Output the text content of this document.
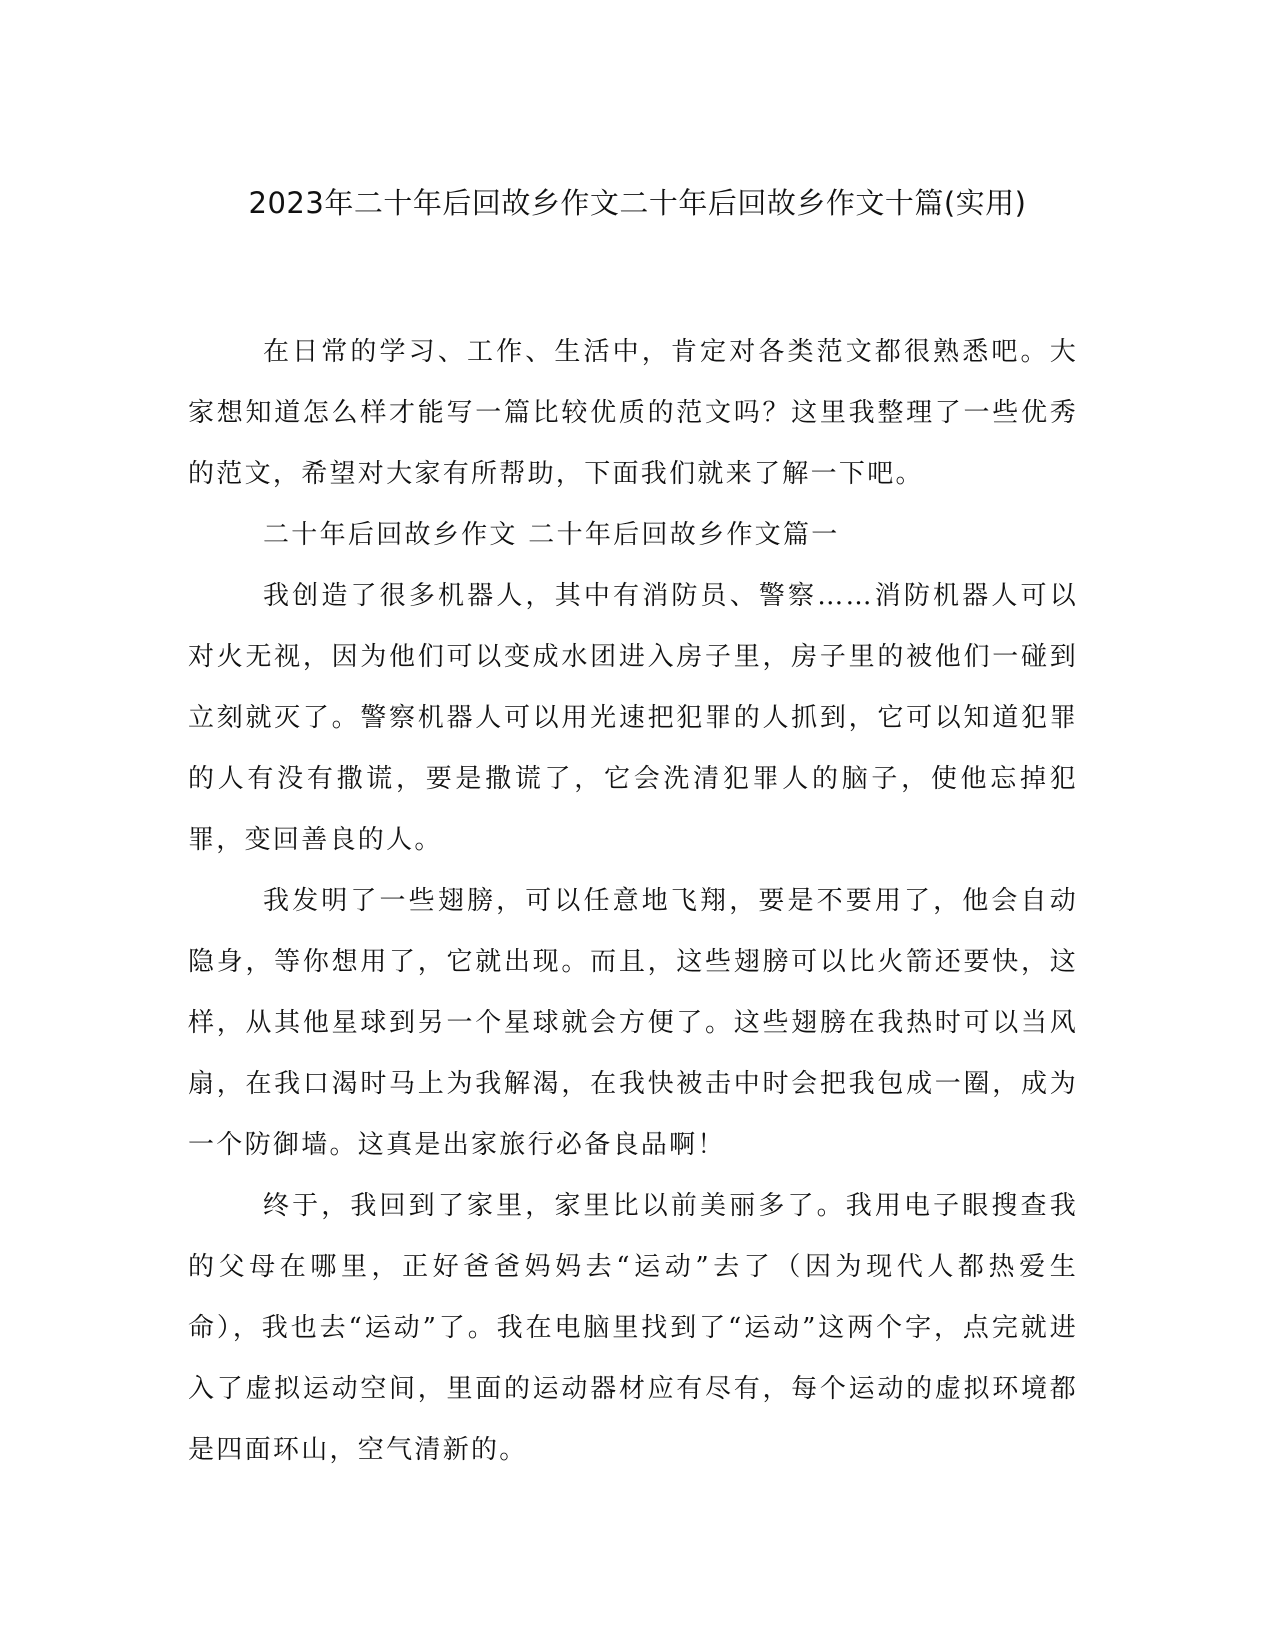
2023年二十年后回故乡作文二十年后回故乡作文十篇(实用)

在日常的学习、工作、生活中，肯定对各类范文都很熟悉吧。大家想知道怎么样才能写一篇比较优质的范文吗？这里我整理了一些优秀的范文，希望对大家有所帮助，下面我们就来了解一下吧。

二十年后回故乡作文 二十年后回故乡作文篇一

我创造了很多机器人，其中有消防员、警察……消防机器人可以对火无视，因为他们可以变成水团进入房子里，房子里的被他们一碰到立刻就灭了。警察机器人可以用光速把犯罪的人抓到，它可以知道犯罪的人有没有撒谎，要是撒谎了，它会洗清犯罪人的脑子，使他忘掉犯罪，变回善良的人。

我发明了一些翅膀，可以任意地飞翔，要是不要用了，他会自动隐身，等你想用了，它就出现。而且，这些翅膀可以比火箭还要快，这样，从其他星球到另一个星球就会方便了。这些翅膀在我热时可以当风扇，在我口渴时马上为我解渴，在我快被击中时会把我包成一圈，成为一个防御墙。这真是出家旅行必备良品啊！

终于，我回到了家里，家里比以前美丽多了。我用电子眼搜查我的父母在哪里，正好爸爸妈妈去“运动”去了（因为现代人都热爱生命），我也去“运动”了。我在电脑里找到了“运动”这两个字，点完就进入了虚拟运动空间，里面的运动器材应有尽有，每个运动的虚拟环境都是四面环山，空气清新的。
